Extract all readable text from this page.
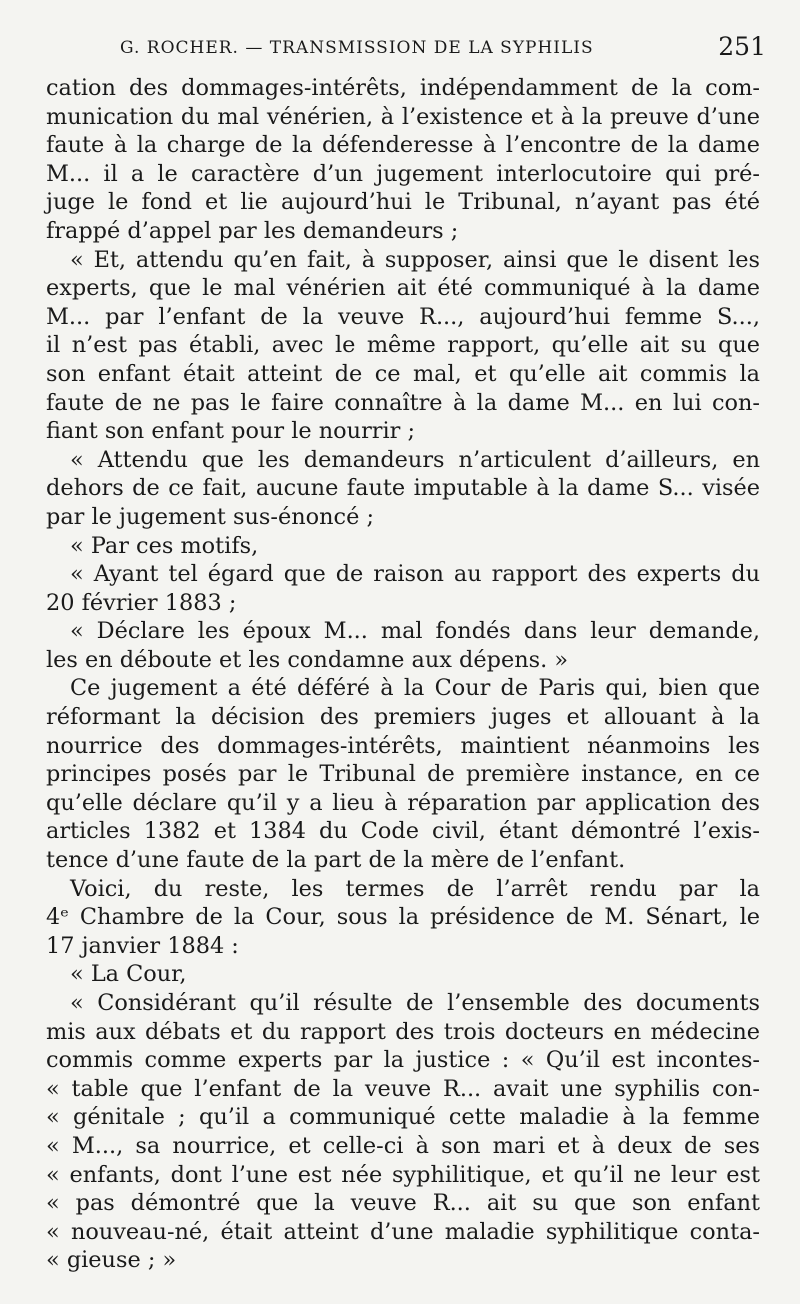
G. ROCHER. — TRANSMISSION DE LA SYPHILIS	251
cation des dommages-intérêts, indépendamment de la com-
munication du mal vénérien, à l’existence et à la preuve d’une
faute à la charge de la défenderesse à l’encontre de la dame
M... il a le caractère d’un jugement interlocutoire qui pré-
juge le fond et lie aujourd’hui le Tribunal, n’ayant pas été
frappé d’appel par les demandeurs ;
« Et, attendu qu’en fait, à supposer, ainsi que le disent les
experts, que le mal vénérien ait été communiqué à la dame
M... par l’enfant de la veuve R..., aujourd’hui femme S...,
il n’est pas établi, avec le même rapport, qu’elle ait su que
son enfant était atteint de ce mal, et qu’elle ait commis la
faute de ne pas le faire connaître à la dame M... en lui con-
fiant son enfant pour le nourrir ;
« Attendu que les demandeurs n’articulent d’ailleurs, en
dehors de ce fait, aucune faute imputable à la dame S... visée
par le jugement sus-énoncé ;
« Par ces motifs,
« Ayant tel égard que de raison au rapport des experts du
20 février 1883 ;
« Déclare les époux M... mal fondés dans leur demande,
les en déboute et les condamne aux dépens. »
Ce jugement a été déféré à la Cour de Paris qui, bien que
réformant la décision des premiers juges et allouant à la
nourrice des dommages-intérêts, maintient néanmoins les
principes posés par le Tribunal de première instance, en ce
qu’elle déclare qu’il y a lieu à réparation par application des
articles 1382 et 1384 du Code civil, étant démontré l’exis-
tence d’une faute de la part de la mère de l’enfant.
Voici, du reste, les termes de l’arrêt rendu par la
4ᵉ Chambre de la Cour, sous la présidence de M. Sénart, le
17 janvier 1884 :
« La Cour,
« Considérant qu’il résulte de l’ensemble des documents
mis aux débats et du rapport des trois docteurs en médecine
commis comme experts par la justice : « Qu’il est incontes-
« table que l’enfant de la veuve R... avait une syphilis con-
« génitale ; qu’il a communiqué cette maladie à la femme
« M..., sa nourrice, et celle-ci à son mari et à deux de ses
« enfants, dont l’une est née syphilitique, et qu’il ne leur est
« pas démontré que la veuve R... ait su que son enfant
« nouveau-né, était atteint d’une maladie syphilitique conta-
« gieuse ; »
